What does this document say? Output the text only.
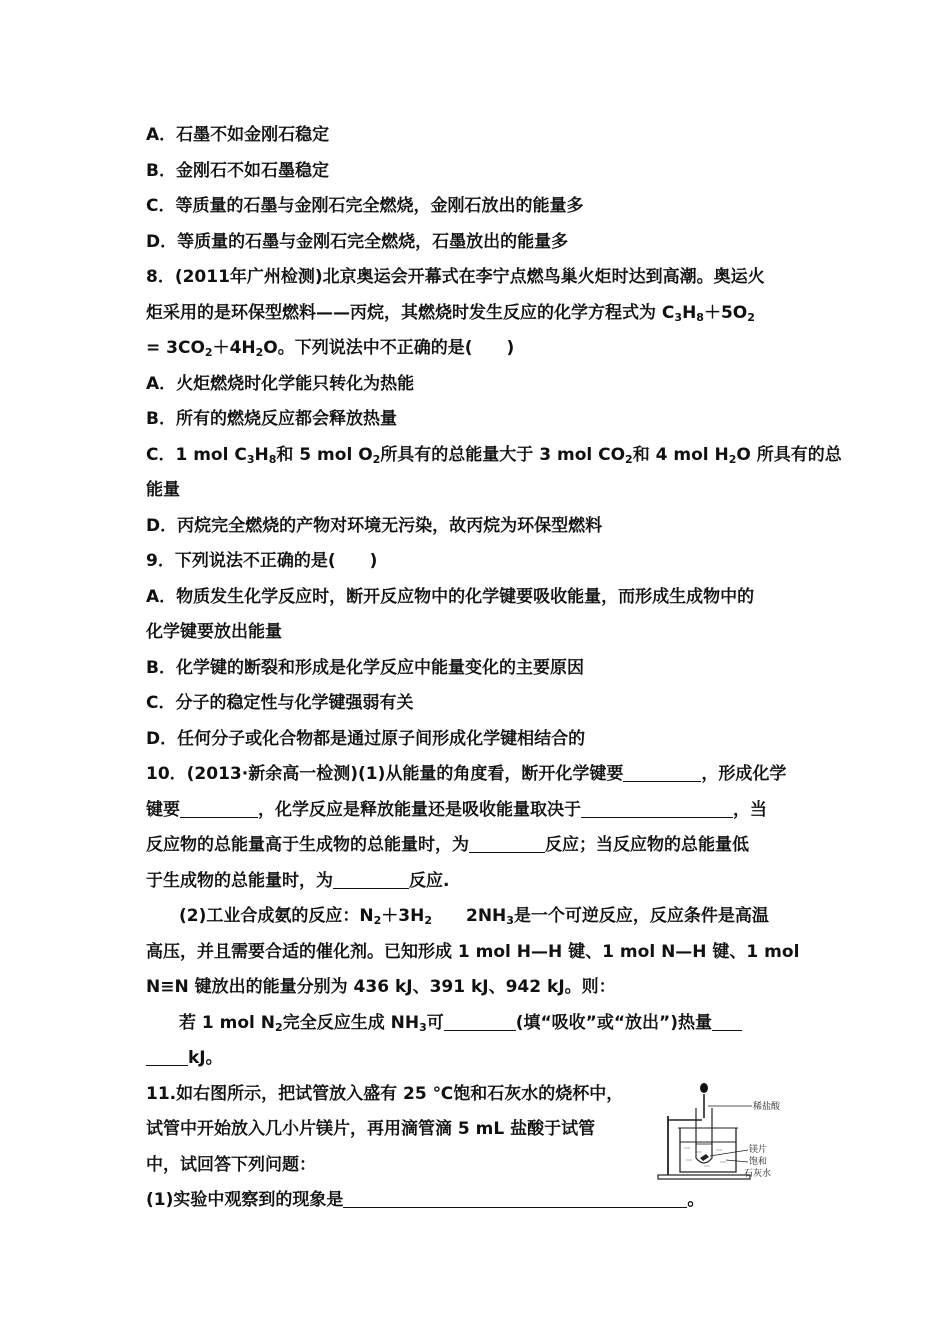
A．石墨不如金刚石稳定
B．金刚石不如石墨稳定
C．等质量的石墨与金刚石完全燃烧，金刚石放出的能量多
D．等质量的石墨与金刚石完全燃烧，石墨放出的能量多
8．(2011年广州检测)北京奥运会开幕式在李宁点燃鸟巢火炬时达到高潮。奥运火
炬采用的是环保型燃料——丙烷，其燃烧时发生反应的化学方程式为 $C_3H_8+5O_2$
= $3CO_2+4H_2O$。下列说法中不正确的是(　　)
A．火炬燃烧时化学能只转化为热能
B．所有的燃烧反应都会释放热量
C．1 mol $C_3H_8$和 5 mol $O_2$所具有的总能量大于 3 mol $CO_2$和 4 mol $H_2O$ 所具有的总
能量
D．丙烷完全燃烧的产物对环境无污染，故丙烷为环保型燃料
9．下列说法不正确的是(　　)
A．物质发生化学反应时，断开反应物中的化学键要吸收能量，而形成生成物中的
化学键要放出能量
B．化学键的断裂和形成是化学反应中能量变化的主要原因
C．分子的稳定性与化学键强弱有关
D．任何分子或化合物都是通过原子间形成化学键相结合的
10．(2013·新余高一检测)(1)从能量的角度看，断开化学键要	，形成化学
键要	，化学反应是释放能量还是吸收能量取决于	，当
反应物的总能量高于生成物的总能量时，为	反应；当反应物的总能量低
于生成物的总能量时，为	反应.
(2)工业合成氨的反应：$N_2+3H_2$　　$2NH_3$是一个可逆反应，反应条件是高温
高压，并且需要合适的催化剂。已知形成 1 mol H—H 键、1 mol N—H 键、1 mol
N≡N 键放出的能量分别为 436 kJ、391 kJ、942 kJ。则：
若 1 mol $N_2$完全反应生成 $NH_3$可	(填“吸收”或“放出”)热量
kJ。
11.如右图所示，把试管放入盛有 25 ℃饱和石灰水的烧杯中，
试管中开始放入几小片镁片，再用滴管滴 5 mL 盐酸于试管
中，试回答下列问题：
(1)实验中观察到的现象是	。
稀盐酸
镁片
饱和
石灰水
